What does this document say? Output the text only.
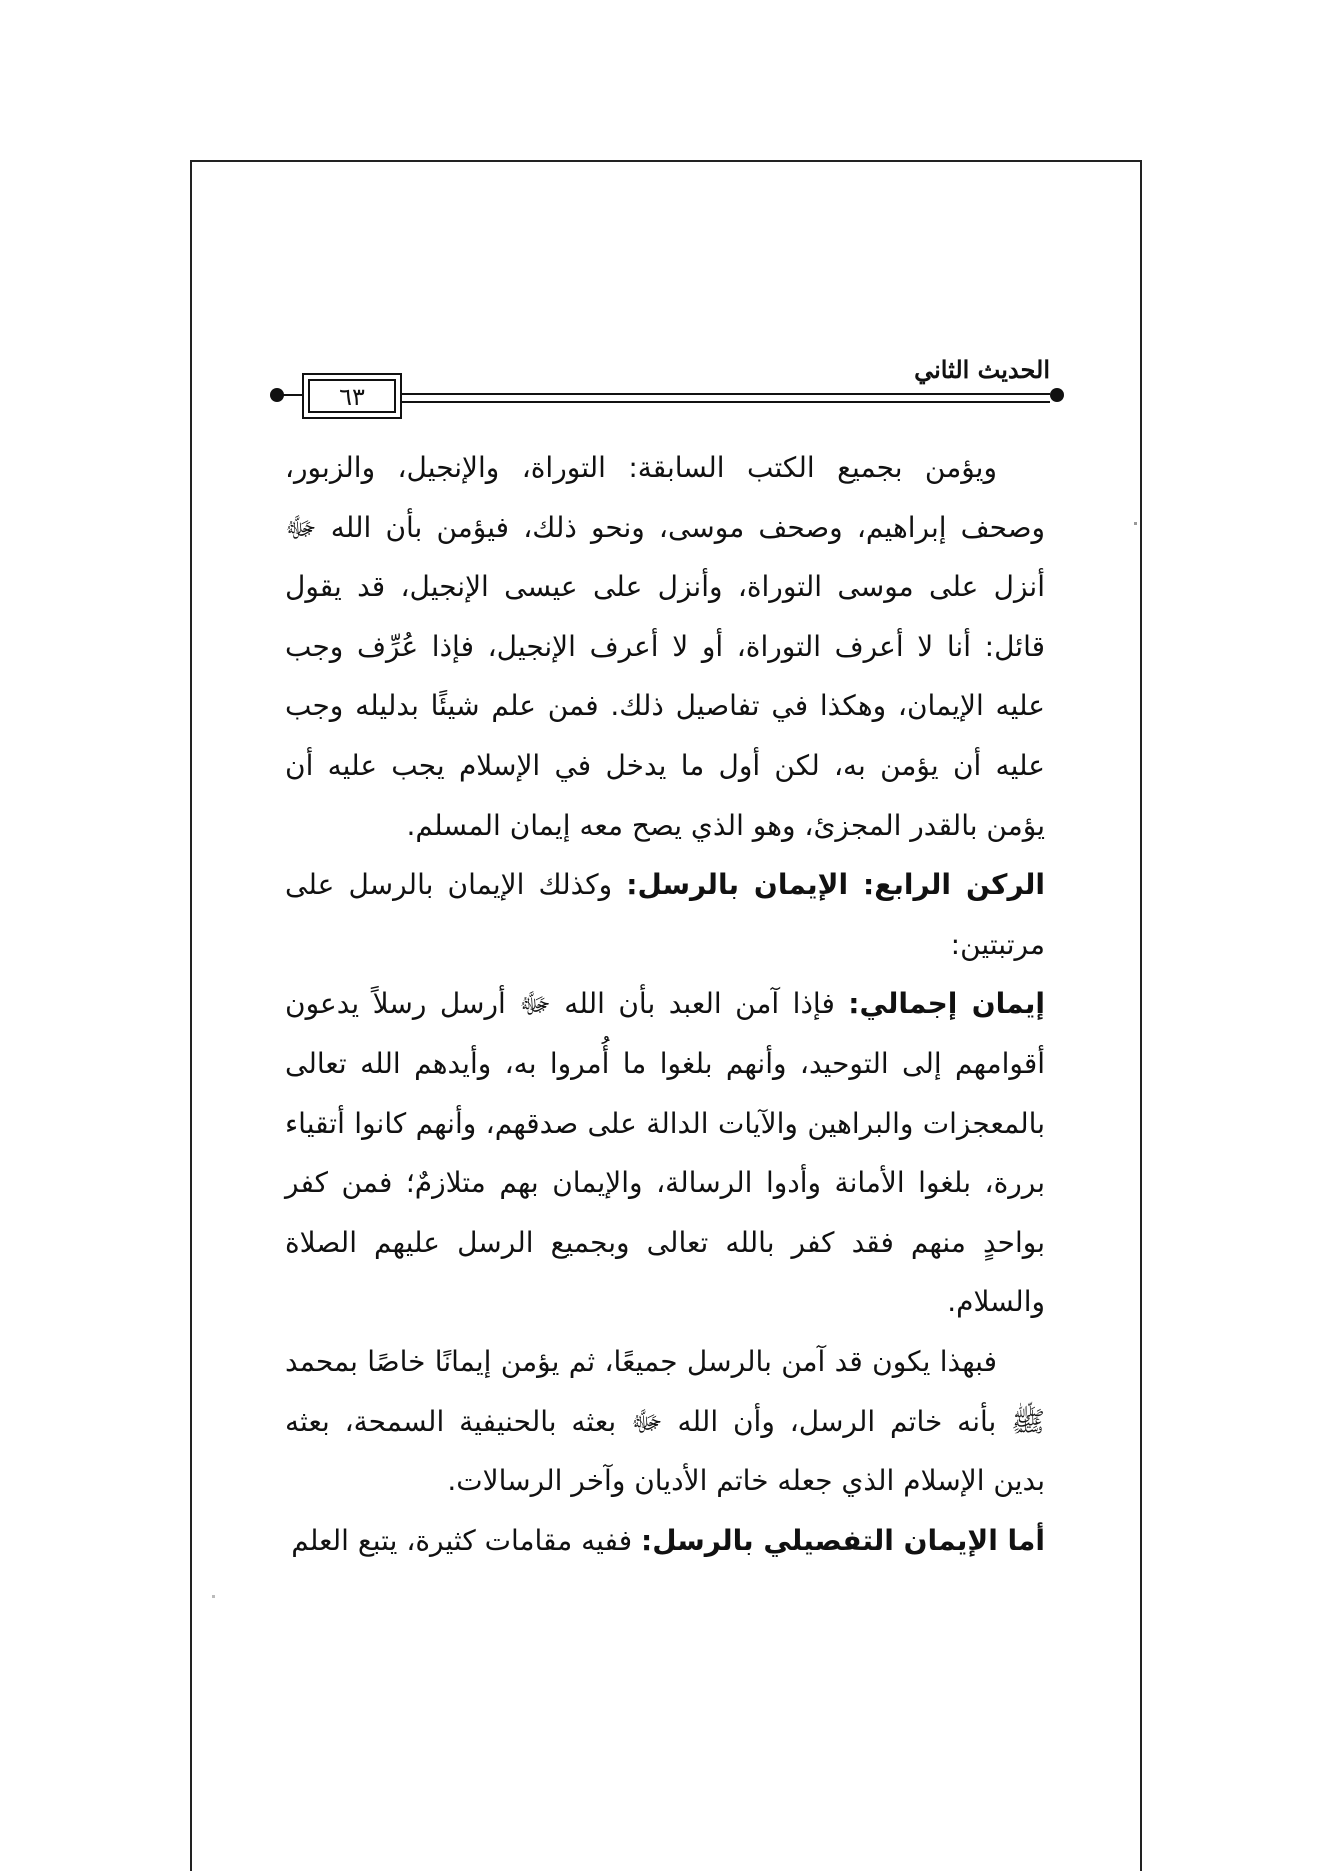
الحديث الثاني
٦٣

ويؤمن بجميع الكتب السابقة: التوراة، والإنجيل، والزبور، وصحف إبراهيم، وصحف موسى، ونحو ذلك، فيؤمن بأن الله ﷻ أنزل على موسى التوراة، وأنزل على عيسى الإنجيل، قد يقول قائل: أنا لا أعرف التوراة، أو لا أعرف الإنجيل، فإذا عُرِّف وجب عليه الإيمان، وهكذا في تفاصيل ذلك. فمن علم شيئًا بدليله وجب عليه أن يؤمن به، لكن أول ما يدخل في الإسلام يجب عليه أن يؤمن بالقدر المجزئ، وهو الذي يصح معه إيمان المسلم.

الركن الرابع: الإيمان بالرسل: وكذلك الإيمان بالرسل على مرتبتين:

إيمان إجمالي: فإذا آمن العبد بأن الله ﷻ أرسل رسلاً يدعون أقوامهم إلى التوحيد، وأنهم بلغوا ما أُمروا به، وأيدهم الله تعالى بالمعجزات والبراهين والآيات الدالة على صدقهم، وأنهم كانوا أتقياء بررة، بلغوا الأمانة وأدوا الرسالة، والإيمان بهم متلازمٌ؛ فمن كفر بواحدٍ منهم فقد كفر بالله تعالى وبجميع الرسل عليهم الصلاة والسلام.

فبهذا يكون قد آمن بالرسل جميعًا، ثم يؤمن إيمانًا خاصًا بمحمد ﷺ بأنه خاتم الرسل، وأن الله ﷻ بعثه بالحنيفية السمحة، بعثه بدين الإسلام الذي جعله خاتم الأديان وآخر الرسالات.

أما الإيمان التفصيلي بالرسل: ففيه مقامات كثيرة، يتبع العلم
